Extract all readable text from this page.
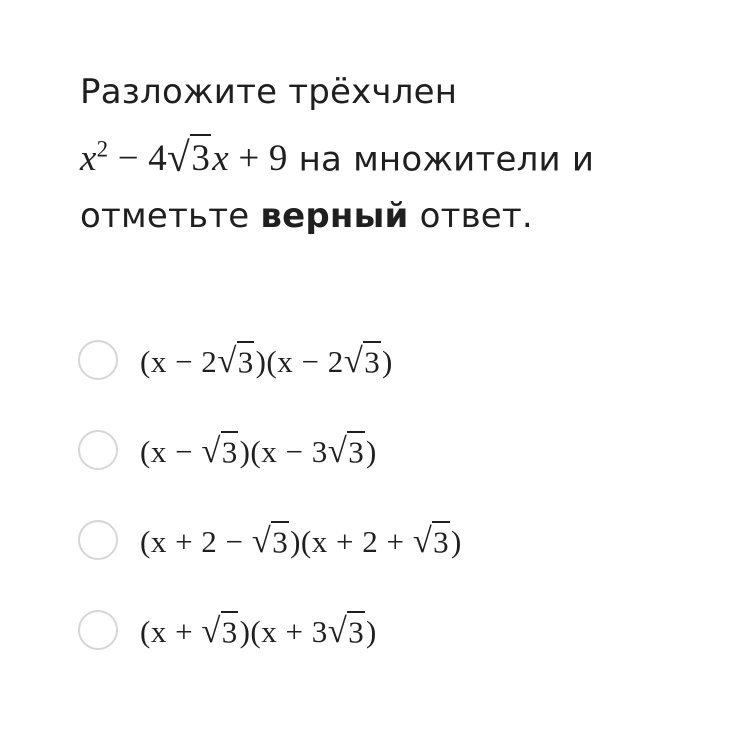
Разложите трёхчлен
$x^2 - 4$ √ 3x + 9 на множители и
отметьте верный ответ.
(x − 2 √ 3)(x − 2 √ 3)
(x − √ 3)(x − 3 √ 3)
(x + 2 − √ 3)(x + 2 + √ 3)
(x + √ 3)(x + 3 √ 3)
